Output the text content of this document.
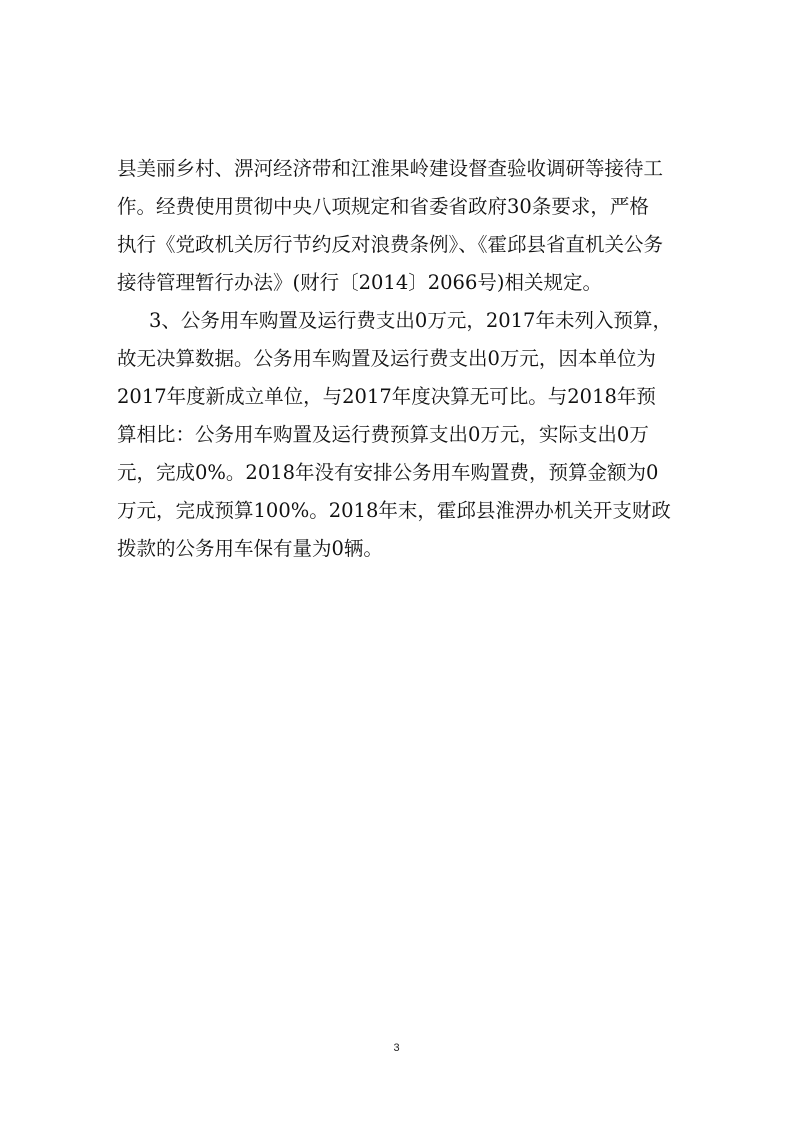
县美丽乡村、淠河经济带和江淮果岭建设督查验收调研等接待工
作。经费使用贯彻中央八项规定和省委省政府30条要求，严格
执行《党政机关厉行节约反对浪费条例》、《霍邱县省直机关公务
接待管理暂行办法》(财行〔2014〕2066号)相关规定。
3、公务用车购置及运行费支出0万元，2017年未列入预算，
故无决算数据。公务用车购置及运行费支出0万元，因本单位为
2017年度新成立单位，与2017年度决算无可比。与2018年预
算相比：公务用车购置及运行费预算支出0万元，实际支出0万
元，完成0%。2018年没有安排公务用车购置费，预算金额为0
万元，完成预算100%。2018年末，霍邱县淮淠办机关开支财政
拨款的公务用车保有量为0辆。
3
